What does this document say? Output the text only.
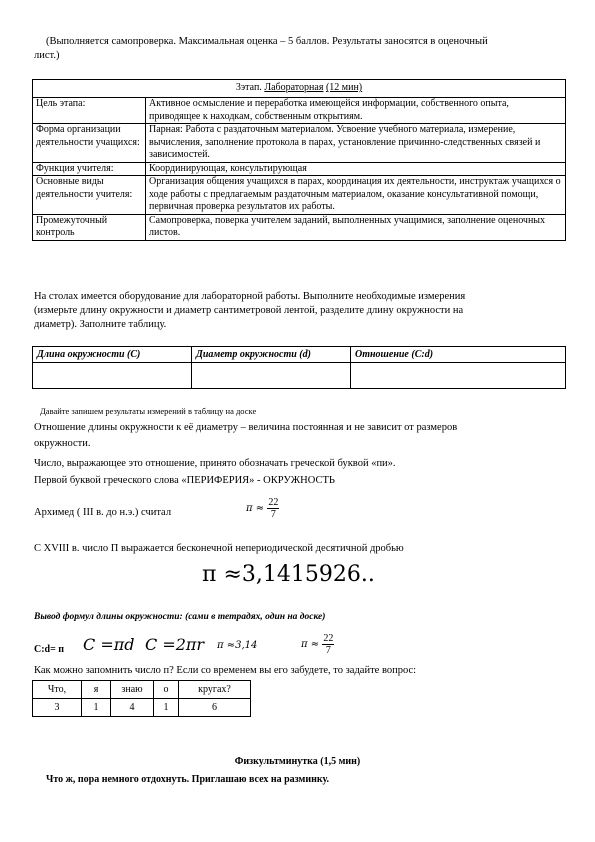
(Выполняется самопроверка. Максимальная оценка – 5 баллов. Результаты заносятся в оценочный
лист.)
3этап. Лабораторная (12 мин)	
Цель этапа:	Активное осмысление и переработка имеющейся информации, собственного опыта, приводящее к находкам, собственным открытиям.
Форма организации деятельности учащихся:	Парная: Работа с раздаточным материалом. Усвоение учебного материала, измерение, вычисления, заполнение протокола в парах, установление причинно-следственных связей и зависимостей.
Функция учителя:	Координирующая, консультирующая
Основные виды деятельности учителя:	Организация общения учащихся в парах, координация их деятельности, инструктаж учащихся о ходе работы с предлагаемым раздаточным материалом, оказание консультативной помощи, первичная проверка результатов их работы.
Промежуточный контроль	Самопроверка, поверка учителем заданий, выполненных учащимися, заполнение оценочных листов.
На столах имеется оборудование для лабораторной работы. Выполните необходимые измерения
(измерьте длину окружности и диаметр сантиметровой лентой, разделите длину окружности на
диаметр). Заполните таблицу.
Длина окружности (С)	Диаметр окружности (d)	Отношение (С:d)

Давайте запишем результаты измерений в таблицу на доске
Отношение длины окружности к её диаметру – величина постоянная и не зависит от размеров
окружности.
Число, выражающее это отношение, принято обозначать греческой буквой «пи».
Первой буквой греческого слова «ПЕРИФЕРИЯ» - ОКРУЖНОСТЬ
Архимед ( III в. до н.э.) считал	$\pi \approx \frac{22}{7}$
С XVIII в. число П выражается бесконечной непериодической десятичной дробью
π ≈3,1415926..
Вывод формул длины окружности: (сами в тетрадях, один на доске)
C:d= п C =πd C =2πr π ≈3,14	$\pi \approx \frac{22}{7}$
Как можно запомнить число п? Если со временем вы его забудете, то задайте вопрос:
Что,	я	знаю	о	кругах?
3	1	4	1	6
Физкультминутка (1,5 мин)
Что ж, пора немного отдохнуть. Приглашаю всех на разминку.
